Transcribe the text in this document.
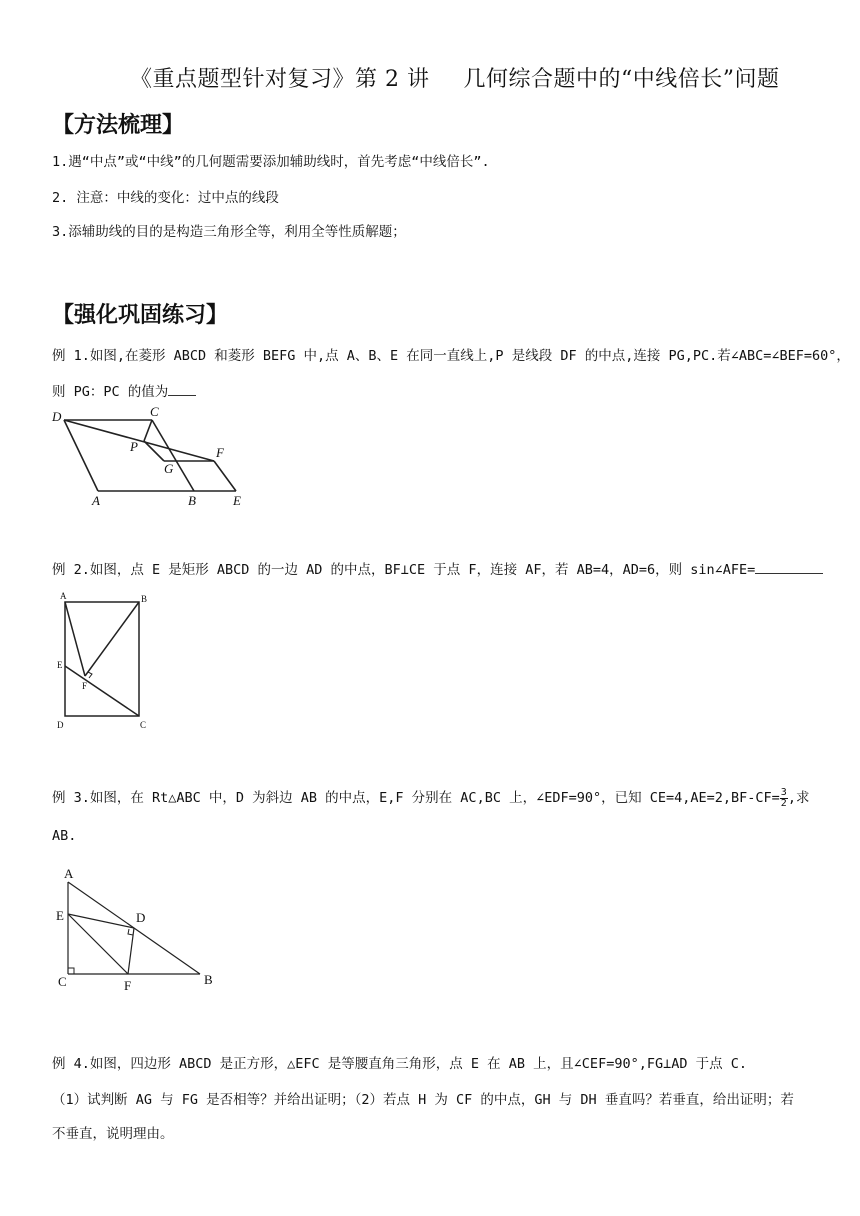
《重点题型针对复习》第 2 讲 几何综合题中的“中线倍长”问题
【方法梳理】
1.遇“中点”或“中线”的几何题需要添加辅助线时，首先考虑“中线倍长”.
2. 注意：中线的变化：过中点的线段
3.添辅助线的目的是构造三角形全等，利用全等性质解题；
【强化巩固练习】
例 1.如图,在菱形 ABCD 和菱形 BEFG 中,点 A、B、E 在同一直线上,P 是线段 DF 的中点,连接 PG,PC.若∠ABC=∠BEF=60°，
则 PG：PC 的值为
D	C
P	F
G
A	B	E
例 2.如图，点 E 是矩形 ABCD 的一边 AD 的中点，BF⊥CE 于点 F，连接 AF，若 AB=4，AD=6，则 sin∠AFE=
A	B
E
F
D	C
例 3.如图，在 Rt△ABC 中，D 为斜边 AB 的中点，E,F 分别在 AC,BC 上，∠EDF=90°，已知 $CE=4,AE=2,BF-CF= \frac{3}{2}$ ,求
AB.
A
E	D
C	F	B
例 4.如图，四边形 ABCD 是正方形，△EFC 是等腰直角三角形，点 E 在 AB 上，且∠CEF=90°,FG⊥AD 于点 C.
（1）试判断 AG 与 FG 是否相等？并给出证明；（2）若点 H 为 CF 的中点，GH 与 DH 垂直吗？若垂直，给出证明；若
不垂直，说明理由。
